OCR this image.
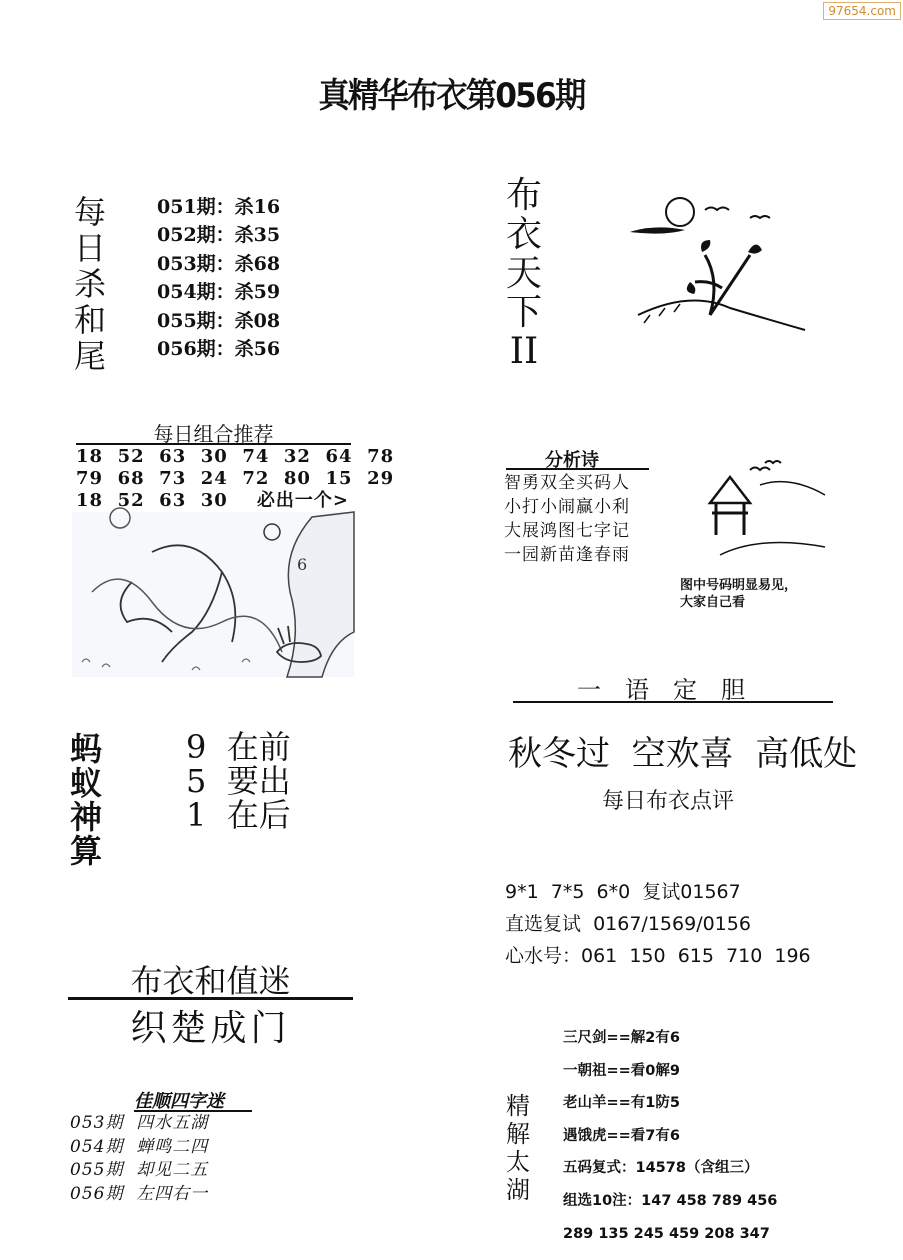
97654.com
真精华布衣第056期
每
日
杀
和
尾
051期：杀16
052期：杀35
053期：杀68
054期：杀59
055期：杀08
056期：杀56
布
衣
天
下
II
每日组合推荐
18  52  63  30  74  32  64  78
79  68  73  24  72  80  15  29
18  52  63  30    必出一个>
6
分析诗
智勇双全买码人
小打小闹赢小利
大展鸿图七字记
一园新苗逢春雨
图中号码明显易见，
大家自己看
一语定胆
秋冬过  空欢喜  高低处
每日布衣点评
蚂
蚁
神
算
9  在前
5  要出
1  在后
9*1  7*5  6*0  复试01567
直选复试  0167/1569/0156
心水号：061  150  615  710  196
布衣和值迷
织楚成门
佳顺四字迷
053期  四水五湖
054期  蝉鸣二四
055期  却见二五
056期  左四右一
精
解
太
湖
三尺剑==解2有6
一朝祖==看0解9
老山羊==有1防5
遇饿虎==看7有6
五码复式：14578（含组三）
组选10注：147 458 789 456
289 135 245 459 208 347
